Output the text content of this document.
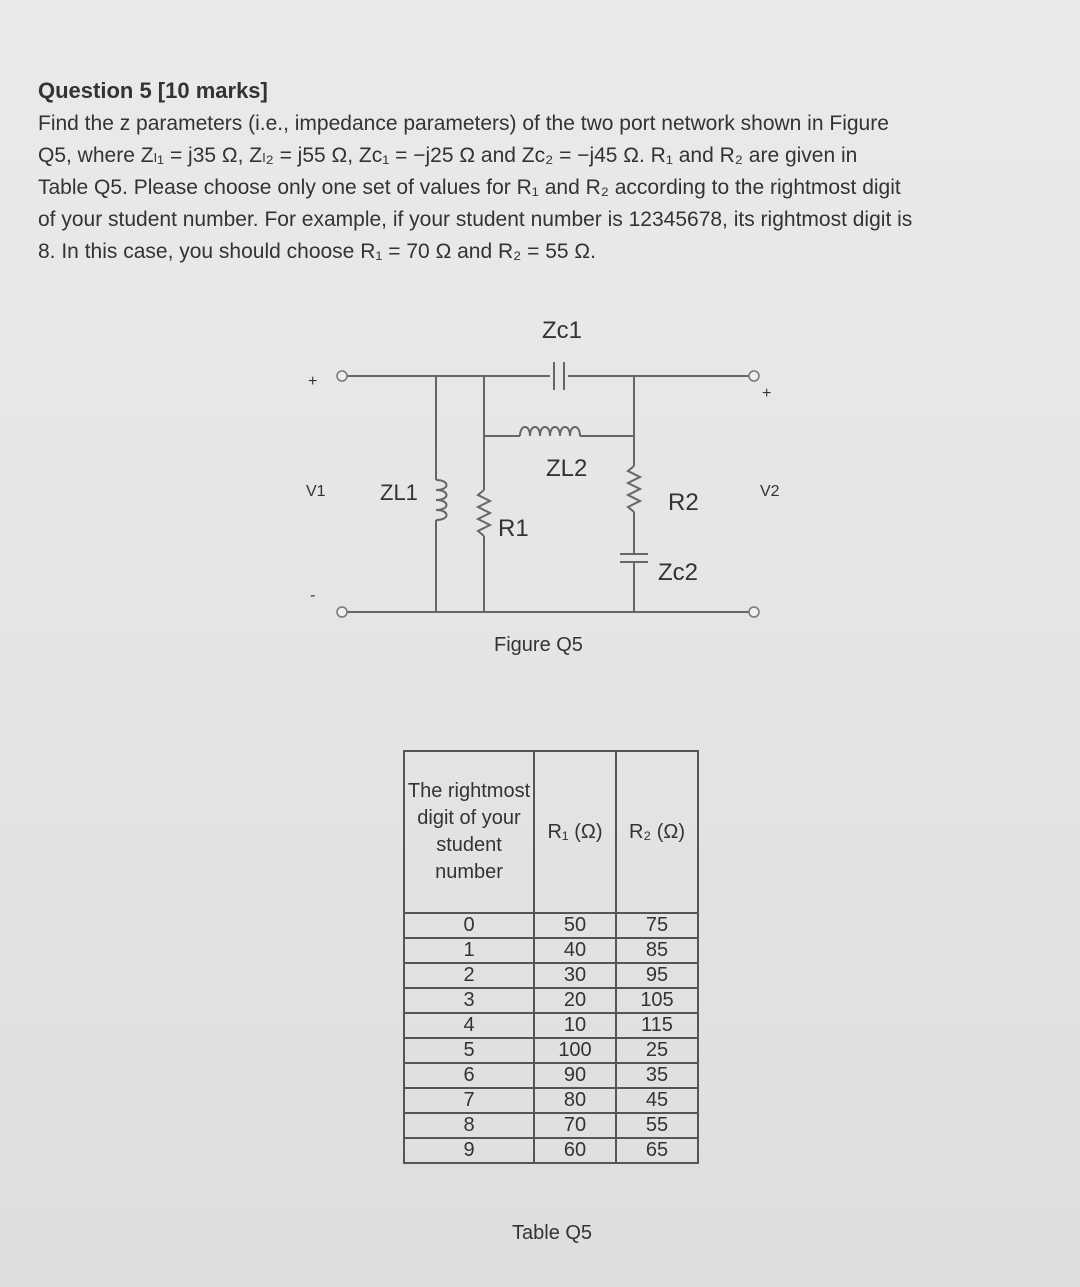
Question 5 [10 marks]
Find the z parameters (i.e., impedance parameters) of the two port network shown in Figure
Q5, where Zₗ₁ = j35 Ω, Zₗ₂ = j55 Ω, Zᴄ₁ = −j25 Ω and Zᴄ₂ = −j45 Ω. R₁ and R₂ are given in
Table Q5. Please choose only one set of values for R₁ and R₂ according to the rightmost digit
of your student number. For example, if your student number is 12345678, its rightmost digit is
8. In this case, you should choose R₁ = 70 Ω and R₂ = 55 Ω.
Zc1
ZL2
ZL1
R1
R2
Zc2
V1	V2
+
-
+
Figure Q5
The rightmost digit of your student number	R₁ (Ω)	R₂ (Ω)
0	50	75
1	40	85
2	30	95
3	20	105
4	10	115
5	100	25
6	90	35
7	80	45
8	70	55
9	60	65
Table Q5
